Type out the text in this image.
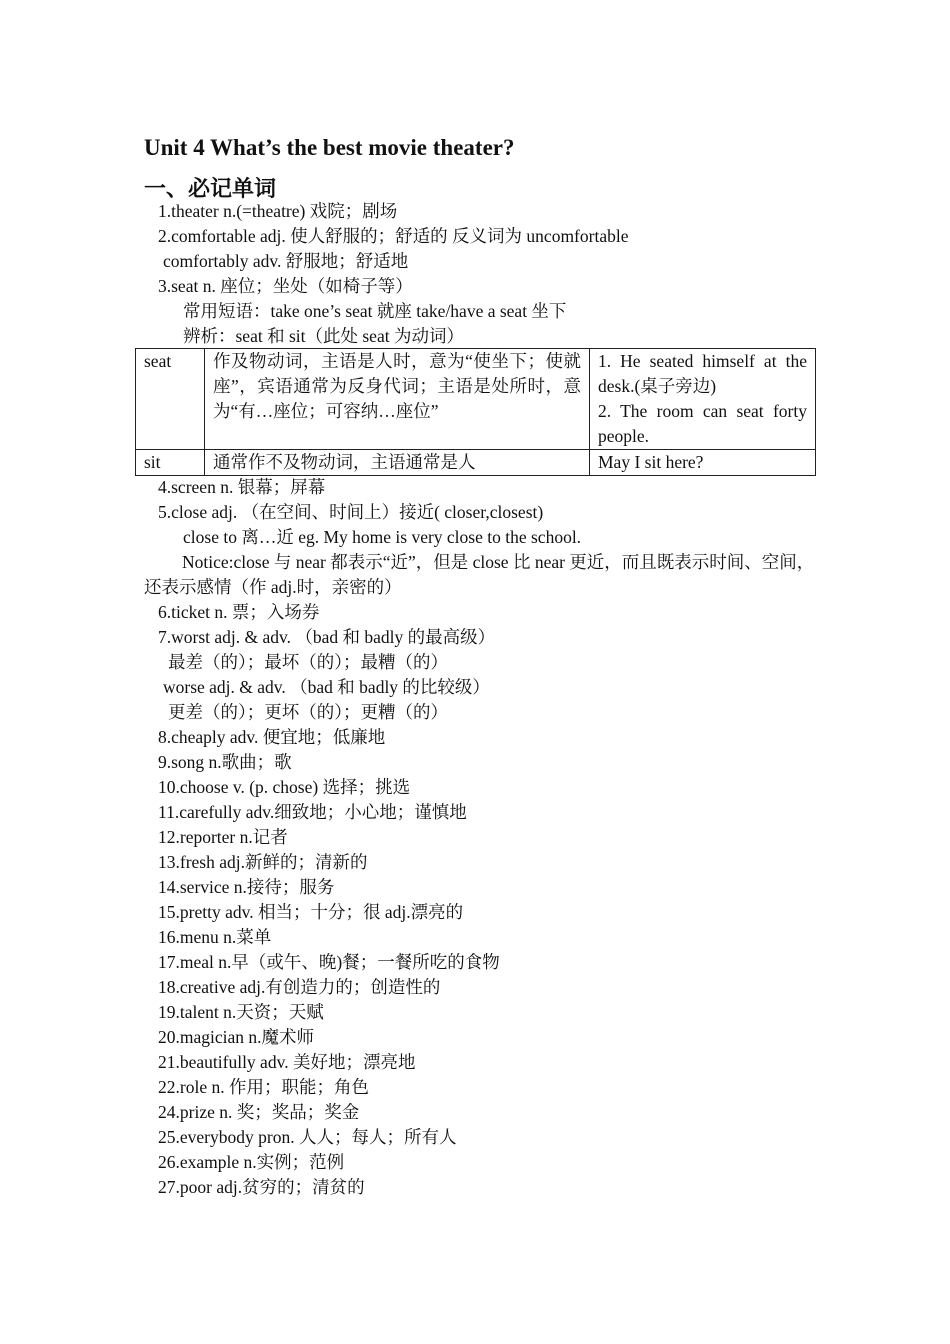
Unit 4 What’s the best movie theater?
一、必记单词
1.theater n.(=theatre) 戏院；剧场
2.comfortable adj. 使人舒服的；舒适的 反义词为 uncomfortable
comfortably adv. 舒服地；舒适地
3.seat n. 座位；坐处（如椅子等）
常用短语：take one’s seat 就座 take/have a seat 坐下
辨析：seat 和 sit（此处 seat 为动词）
seat	作及物动词，主语是人时，意为“使坐下；使就座”，宾语通常为反身代词；主语是处所时，意为“有…座位；可容纳…座位”	1. He seated himself at the desk.(桌子旁边)
2. The room can seat forty people.

sit	通常作不及物动词，主语通常是人	May I sit here?
4.screen n. 银幕；屏幕
5.close adj. （在空间、时间上）接近( closer,closest)
close to 离…近 eg. My home is very close to the school.
Notice:close 与 near 都表示“近”，但是 close 比 near 更近，而且既表示时间、空间，还表示感情（作 adj.时，亲密的）
6.ticket n. 票；入场券
7.worst adj. & adv. （bad 和 badly 的最高级）
最差（的）；最坏（的）；最糟（的）
worse adj. & adv. （bad 和 badly 的比较级）
更差（的）；更坏（的）；更糟（的）
8.cheaply adv. 便宜地；低廉地
9.song n.歌曲；歌
10.choose v. (p. chose) 选择；挑选
11.carefully adv.细致地；小心地；谨慎地
12.reporter n.记者
13.fresh adj.新鲜的；清新的
14.service n.接待；服务
15.pretty adv. 相当；十分；很 adj.漂亮的
16.menu n.菜单
17.meal n.早（或午、晚)餐；一餐所吃的食物
18.creative adj.有创造力的；创造性的
19.talent n.天资；天赋
20.magician n.魔术师
21.beautifully adv. 美好地；漂亮地
22.role n. 作用；职能；角色
24.prize n. 奖；奖品；奖金
25.everybody pron. 人人；每人；所有人
26.example n.实例；范例
27.poor adj.贫穷的；清贫的
